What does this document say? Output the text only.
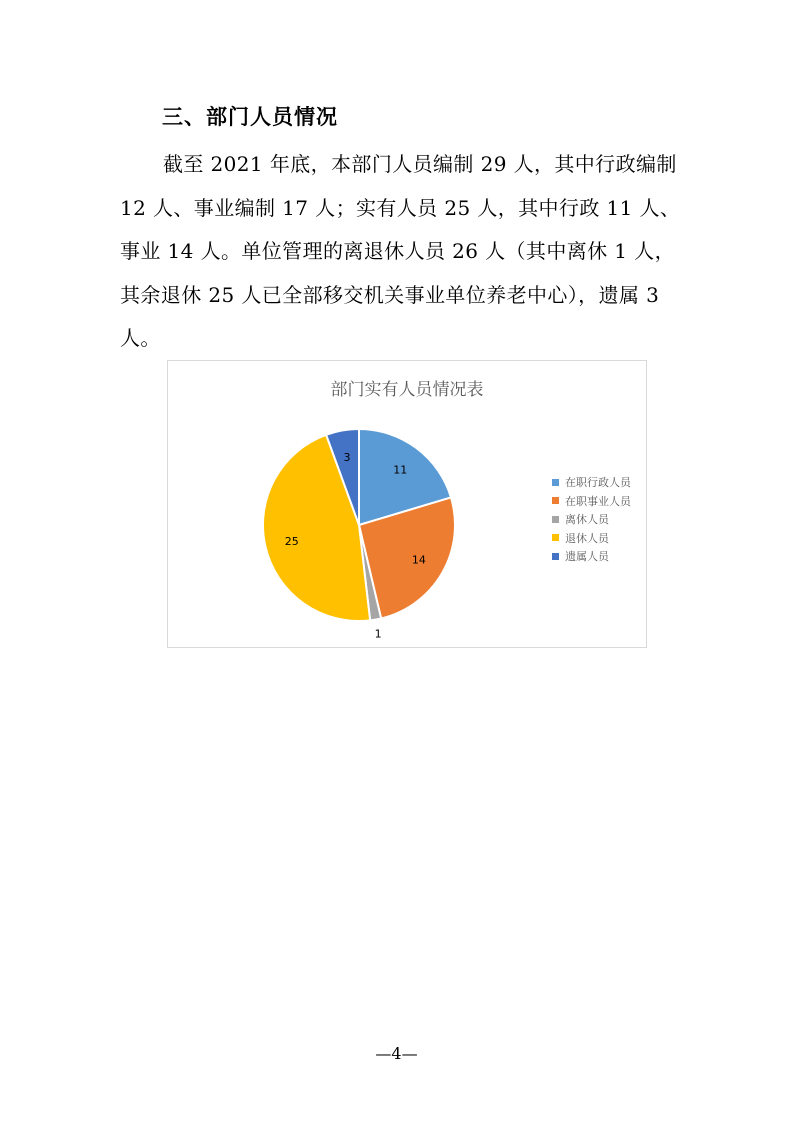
三、部门人员情况
截至 2021 年底，本部门人员编制 29 人，其中行政编制
12 人、事业编制 17 人；实有人员 25 人，其中行政 11 人、
事业 14 人。单位管理的离退休人员 26 人（其中离休 1 人，
其余退休 25 人已全部移交机关事业单位养老中心），遗属 3
人。
部门实有人员情况表
11
14
1
25
3
在职行政人员
在职事业人员
离休人员
退休人员
遗属人员
—4—
